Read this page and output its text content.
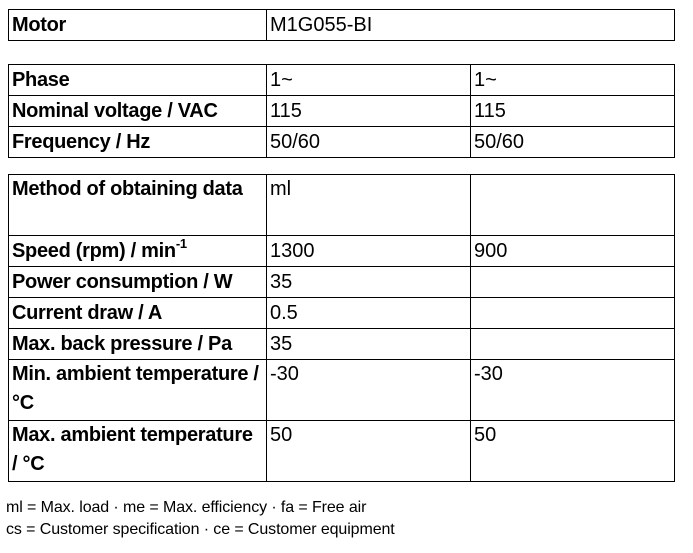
Motor	M1G055-BI
Phase	1~	1~
Nominal voltage / VAC	115	115
Frequency / Hz	50/60	50/60
Method of obtaining data	ml	
Speed $(rpm) / \min^{-1}$	1300	900
Power consumption / W	35	
Current draw / A	0.5	
Max. back pressure / Pa	35	
Min. ambient temperature / °C	-30	-30
Max. ambient temperature / °C	50	50
ml = Max. load · me = Max. efficiency · fa = Free air
cs = Customer specification · ce = Customer equipment
